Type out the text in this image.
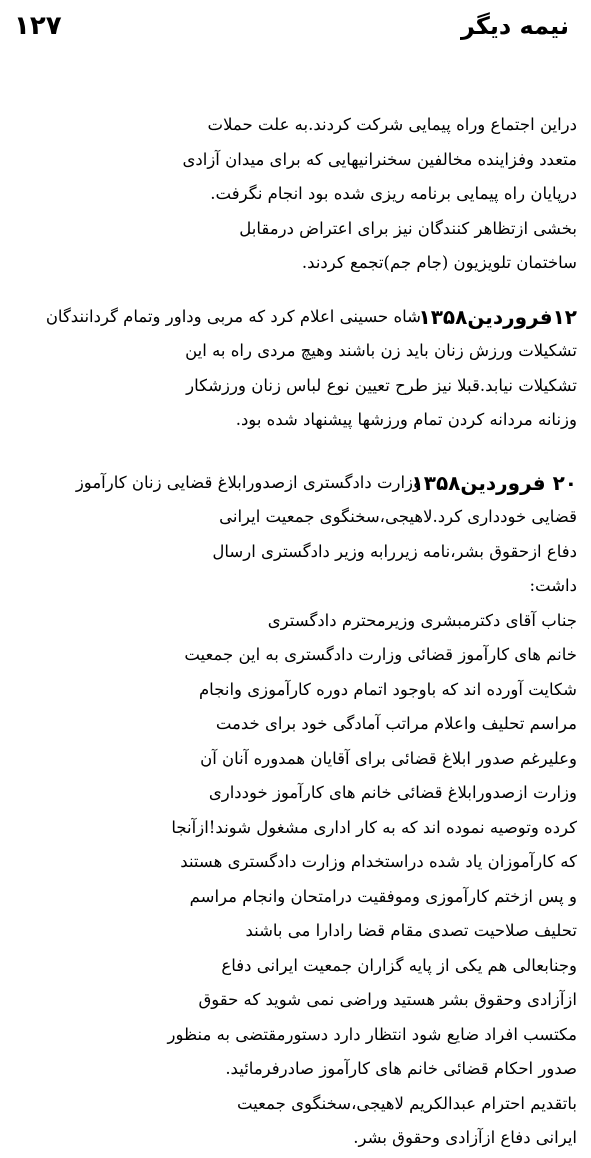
۱۲۷	نیمه دیگر
دراین اجتماع وراه پیمایی شرکت کردند.به علت حملات
متعدد وفزاینده مخالفین سخنرانیهایی که برای میدان آزادی
درپایان راه پیمایی برنامه ریزی شده بود انجام نگرفت.
بخشی ازتظاهر کنندگان نیز برای اعتراض درمقابل
ساختمان تلویزیون (جام جم)تجمع کردند.
۱۲فروردین۱۳۵۸
شاه حسینی اعلام کرد که مربی وداور وتمام گردانندگان
تشکیلات ورزش زنان باید زن باشند وهیچ مردی راه به این
تشکیلات نیابد.قبلا نیز طرح تعیین نوع لباس زنان ورزشکار
وزنانه مردانه کردن تمام ورزشها پیشنهاد شده بود.
۲۰ فروردین۱۳۵۸
وزارت دادگستری ازصدورابلاغ قضایی زنان کارآموز
قضایی خودداری کرد.لاهیجی،سخنگوی جمعیت ایرانی
دفاع ازحقوق بشر،نامه زیررابه وزیر دادگستری ارسال
داشت:
جناب آقای دکترمبشری وزیرمحترم دادگستری
خانم های کارآموز قضائی وزارت دادگستری به این جمعیت
شکایت آورده اند که باوجود اتمام دوره کارآموزی وانجام
مراسم تحلیف واعلام مراتب آمادگی خود برای خدمت
وعلیرغم صدور ابلاغ قضائی برای آقایان همدوره آنان آن
وزارت ازصدورابلاغ قضائی خانم های کارآموز خودداری
کرده وتوصیه نموده اند که به کار اداری مشغول شوند!ازآنجا
که کارآموزان یاد شده دراستخدام وزارت دادگستری هستند
و پس ازختم کارآموزی وموفقیت درامتحان وانجام مراسم
تحلیف صلاحیت تصدی مقام قضا رادارا می باشند
وجنابعالی هم یکی از پایه گزاران جمعیت ایرانی دفاع
ازآزادی وحقوق بشر هستید وراضی نمی شوید که حقوق
مکتسب افراد ضایع شود انتظار دارد دستورمقتضی به منظور
صدور احکام قضائی خانم های کارآموز صادرفرمائید.
باتقدیم احترام عبدالکریم لاهیجی،سخنگوی جمعیت
ایرانی دفاع ازآزادی وحقوق بشر.
